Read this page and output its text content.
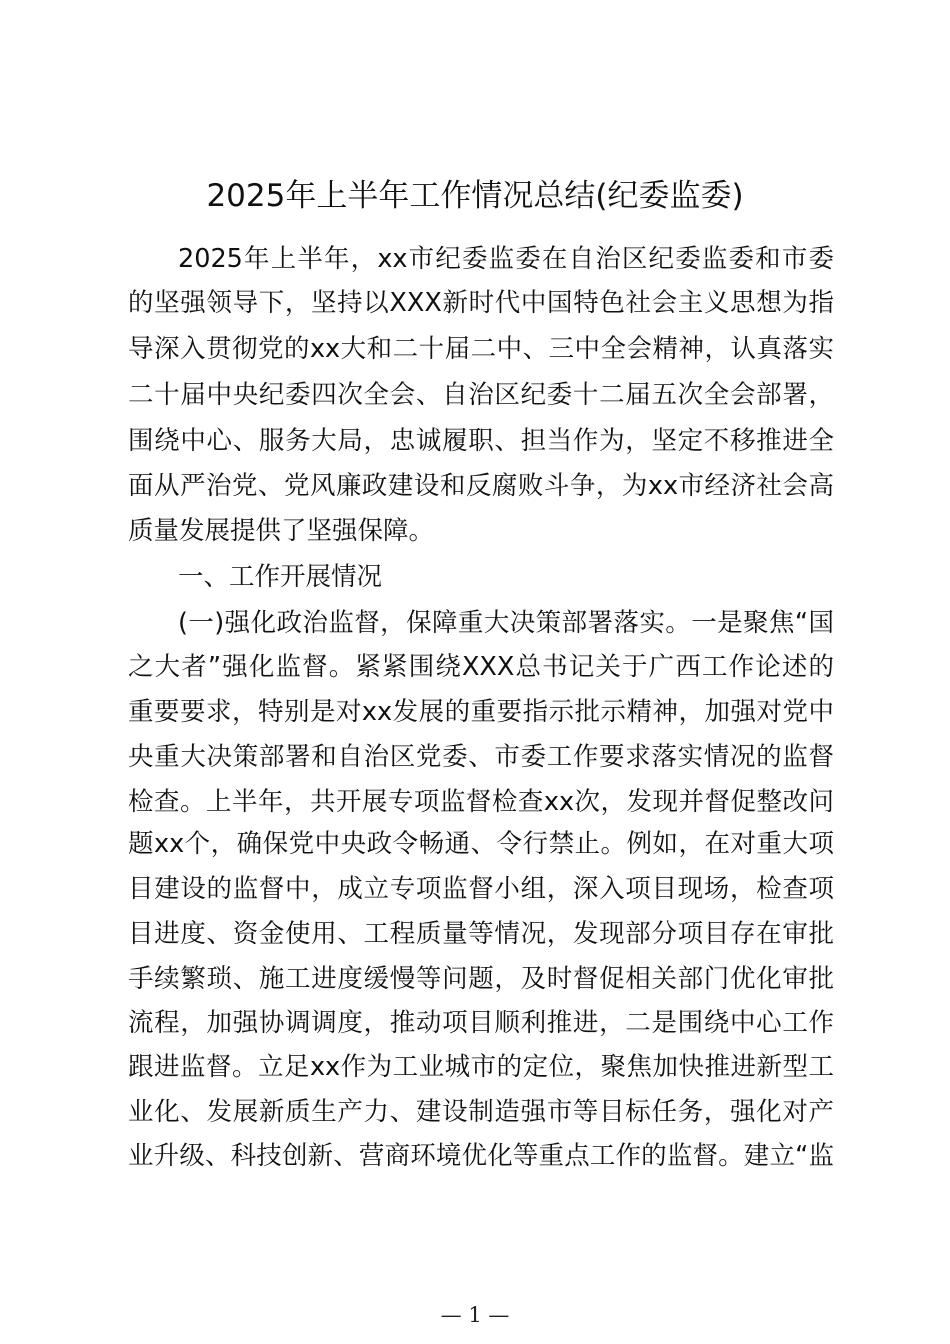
2025年上半年工作情况总结(纪委监委)
2025年上半年，xx市纪委监委在自治区纪委监委和市委
的坚强领导下，坚持以XXX新时代中国特色社会主义思想为指
导深入贯彻党的xx大和二十届二中、三中全会精神，认真落实
二十届中央纪委四次全会、自治区纪委十二届五次全会部署，
围绕中心、服务大局，忠诚履职、担当作为，坚定不移推进全
面从严治党、党风廉政建设和反腐败斗争，为xx市经济社会高
质量发展提供了坚强保障。
一、工作开展情况
(一)强化政治监督，保障重大决策部署落实。一是聚焦“国
之大者”强化监督。紧紧围绕XXX总书记关于广西工作论述的
重要要求，特别是对xx发展的重要指示批示精神，加强对党中
央重大决策部署和自治区党委、市委工作要求落实情况的监督
检查。上半年，共开展专项监督检查xx次，发现并督促整改问
题xx个，确保党中央政令畅通、令行禁止。例如，在对重大项
目建设的监督中，成立专项监督小组，深入项目现场，检查项
目进度、资金使用、工程质量等情况，发现部分项目存在审批
手续繁琐、施工进度缓慢等问题，及时督促相关部门优化审批
流程，加强协调调度，推动项目顺利推进，二是围绕中心工作
跟进监督。立足xx作为工业城市的定位，聚焦加快推进新型工
业化、发展新质生产力、建设制造强市等目标任务，强化对产
业升级、科技创新、营商环境优化等重点工作的监督。建立“监
— 1 —
